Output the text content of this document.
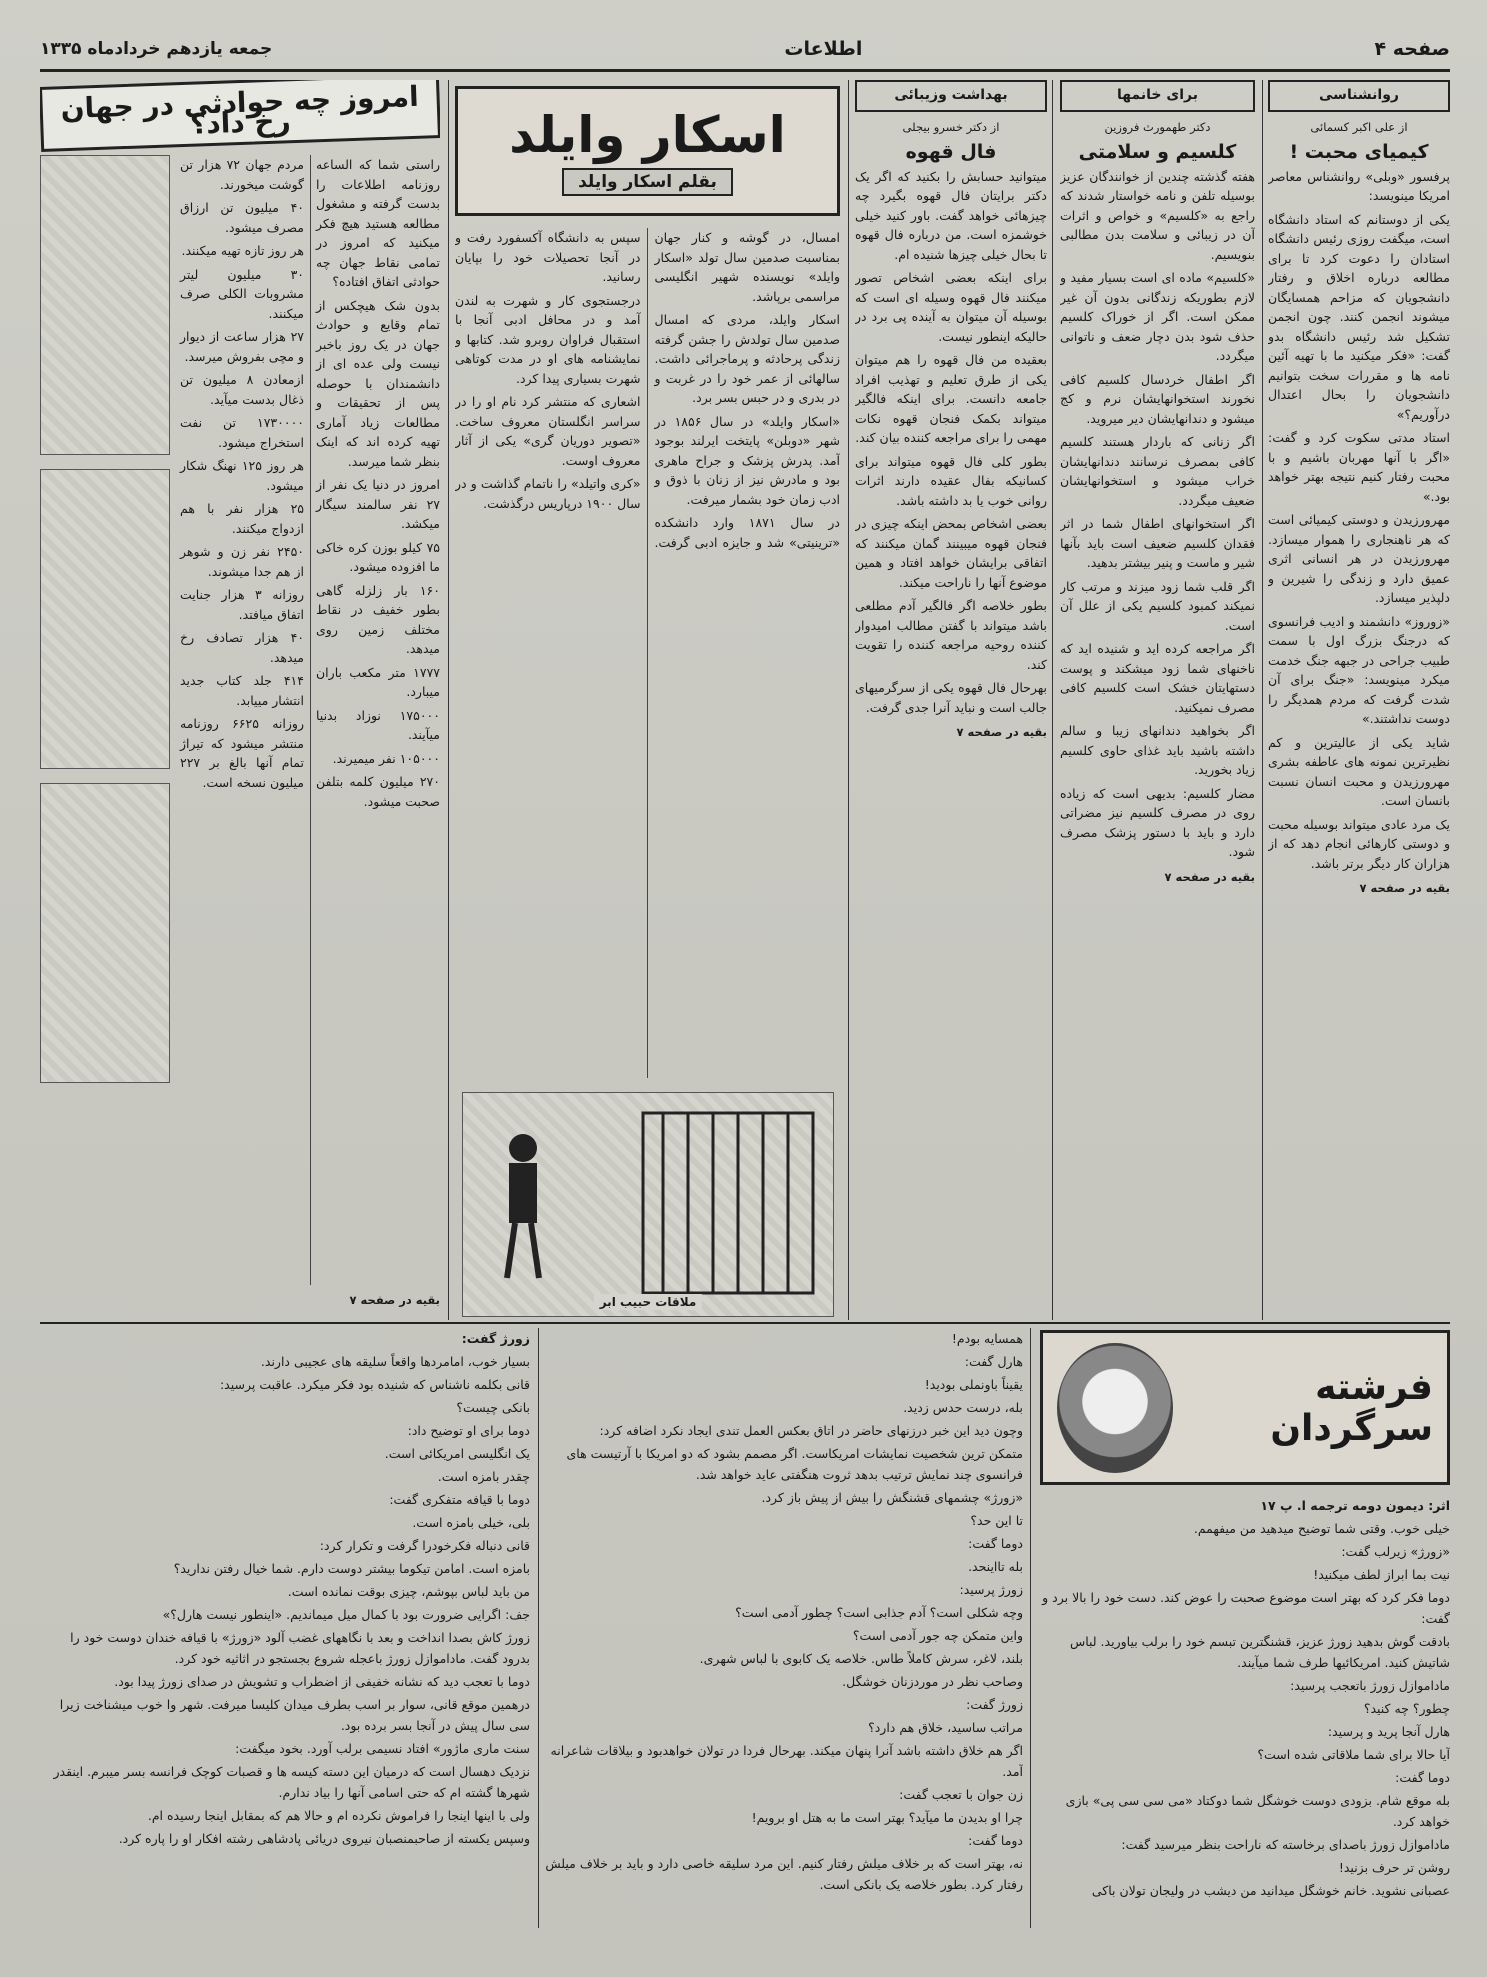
صفحه ۴
اطلاعات
جمعه یازدهم خردادماه ۱۳۳۵
روانشناسی
از علی اکبر کسمائی
کیمیای محبت !

پرفسور «وبلی» روانشناس معاصر امریکا مینویسد:

یکی از دوستانم که استاد دانشگاه است، میگفت روزی رئیس دانشگاه استادان را دعوت کرد تا برای مطالعه درباره اخلاق و رفتار دانشجویان که مزاحم همسایگان میشوند انجمن کنند. چون انجمن تشکیل شد رئیس دانشگاه بدو گفت: «فکر میکنید ما با تهیه آئین نامه ها و مقررات سخت بتوانیم دانشجویان را بحال اعتدال درآوریم؟»

استاد مدتی سکوت کرد و گفت: «اگر با آنها مهربان باشیم و با محبت رفتار کنیم نتیجه بهتر خواهد بود.»

مهرورزیدن و دوستی کیمیائی است که هر ناهنجاری را هموار میسازد. مهرورزیدن در هر انسانی اثری عمیق دارد و زندگی را شیرین و دلپذیر میسازد.

«زوروز» دانشمند و ادیب فرانسوی که درجنگ بزرگ اول با سمت طبیب جراحی در جبهه جنگ خدمت میکرد مینویسد: «جنگ برای آن شدت گرفت که مردم همدیگر را دوست نداشتند.»

شاید یکی از عالیترین و کم نظیرترین نمونه های عاطفه بشری مهرورزیدن و محبت انسان نسبت بانسان است.

یک مرد عادی میتواند بوسیله محبت و دوستی کارهائی انجام دهد که از هزاران کار دیگر برتر باشد.

بقیه در صفحه ۷
برای خانمها
دکتر طهمورث فروزین
کلسیم و سلامتی

هفته گذشته چندین از خوانندگان عزیز بوسیله تلفن و نامه خواستار شدند که راجع به «کلسیم» و خواص و اثرات آن در زیبائی و سلامت بدن مطالبی بنویسیم.

«کلسیم» ماده ای است بسیار مفید و لازم بطوریکه زندگانی بدون آن غیر ممکن است. اگر از خوراک کلسیم حذف شود بدن دچار ضعف و ناتوانی میگردد.

اگر اطفال خردسال کلسیم کافی نخورند استخوانهایشان نرم و کج میشود و دندانهایشان دیر میروید.

اگر زنانی که باردار هستند کلسیم کافی بمصرف نرسانند دندانهایشان خراب میشود و استخوانهایشان ضعیف میگردد.

اگر استخوانهای اطفال شما در اثر فقدان کلسیم ضعیف است باید بآنها شیر و ماست و پنیر بیشتر بدهید.

اگر قلب شما زود میزند و مرتب کار نمیکند کمبود کلسیم یکی از علل آن است.

اگر مراجعه کرده اید و شنیده اید که ناخنهای شما زود میشکند و پوست دستهایتان خشک است کلسیم کافی مصرف نمیکنید.

اگر بخواهید دندانهای زیبا و سالم داشته باشید باید غذای حاوی کلسیم زیاد بخورید.

مضار کلسیم: بدیهی است که زیاده روی در مصرف کلسیم نیز مضراتی دارد و باید با دستور پزشک مصرف شود.

بقیه در صفحه ۷
بهداشت وزیبائی
از دکتر خسرو بیجلی
فال قهوه

میتوانید حسابش را بکنید که اگر یک دکتر برایتان فال قهوه بگیرد چه چیزهائی خواهد گفت. باور کنید خیلی خوشمزه است. من درباره فال قهوه تا بحال خیلی چیزها شنیده ام.

برای اینکه بعضی اشخاص تصور میکنند فال قهوه وسیله ای است که بوسیله آن میتوان به آینده پی برد در حالیکه اینطور نیست.

بعقیده من فال قهوه را هم میتوان یکی از طرق تعلیم و تهذیب افراد جامعه دانست. برای اینکه فالگیر میتواند بکمک فنجان قهوه نکات مهمی را برای مراجعه کننده بیان کند.

بطور کلی فال قهوه میتواند برای کسانیکه بفال عقیده دارند اثرات روانی خوب یا بد داشته باشد.

بعضی اشخاص بمحض اینکه چیزی در فنجان قهوه میبینند گمان میکنند که اتفاقی برایشان خواهد افتاد و همین موضوع آنها را ناراحت میکند.

بطور خلاصه اگر فالگیر آدم مطلعی باشد میتواند با گفتن مطالب امیدوار کننده روحیه مراجعه کننده را تقویت کند.

بهرحال فال قهوه یکی از سرگرمیهای جالب است و نباید آنرا جدی گرفت.

بقیه در صفحه ۷
اسکار وایلد
بقلم اسکار وایلد

امسال، در گوشه و کنار جهان بمناسبت صدمین سال تولد «اسکار وایلد» نویسنده شهیر انگلیسی مراسمی برپاشد.

اسکار وایلد، مردی که امسال صدمین سال تولدش را جشن گرفته زندگی پرحادثه و پرماجرائی داشت. سالهائی از عمر خود را در غربت و در بدری و در حبس بسر برد.

«اسکار وایلد» در سال ۱۸۵۶ در شهر «دوبلن» پایتخت ایرلند بوجود آمد. پدرش پزشک و جراح ماهری بود و مادرش نیز از زنان با ذوق و ادب زمان خود بشمار میرفت.

در سال ۱۸۷۱ وارد دانشکده «ترینیتی» شد و جایزه ادبی گرفت. سپس به دانشگاه آکسفورد رفت و در آنجا تحصیلات خود را بپایان رسانید.

درجستجوی کار و شهرت به لندن آمد و در محافل ادبی آنجا با استقبال فراوان روبرو شد. کتابها و نمایشنامه های او در مدت کوتاهی شهرت بسیاری پیدا کرد.

اشعاری که منتشر کرد نام او را در سراسر انگلستان معروف ساخت. «تصویر دوریان گری» یکی از آثار معروف اوست.

«کری واتیلد» را ناتمام گذاشت و در سال ۱۹۰۰ درپاریس درگذشت.

ملاقات حبیب ابر
امروز چه حوادثی در جهان رخ داد؟

راستی شما که الساعه روزنامه اطلاعات را بدست گرفته و مشغول مطالعه هستید هیچ فکر میکنید که امروز در تمامی نقاط جهان چه حوادثی اتفاق افتاده؟

بدون شک هیچکس از تمام وقایع و حوادث جهان در یک روز باخبر نیست ولی عده ای از دانشمندان با حوصله پس از تحقیقات و مطالعات زیاد آماری تهیه کرده اند که اینک بنظر شما میرسد.

امروز در دنیا یک نفر از ۲۷ نفر سالمند سیگار میکشد.

۷۵ کیلو بوزن کره خاکی ما افزوده میشود.

۱۶۰ بار زلزله گاهی بطور خفیف در نقاط مختلف زمین روی میدهد.

۱۷۷۷ متر مکعب باران میبارد.

۱۷۵۰۰۰ نوزاد بدنیا میآیند.

۱۰۵۰۰۰ نفر میمیرند.

۲۷۰ میلیون کلمه بتلفن صحبت میشود.

مردم جهان ۷۲ هزار تن گوشت میخورند.

۴۰ میلیون تن ارزاق مصرف میشود.

هر روز تازه تهیه میکنند.

۳۰ میلیون لیتر مشروبات الکلی صرف میکنند.

۲۷ هزار ساعت از دیوار و مچی بفروش میرسد.

ازمعادن ۸ میلیون تن ذغال بدست میآید.

۱۷۳۰۰۰۰ تن نفت استخراج میشود.

هر روز ۱۲۵ نهنگ شکار میشود.

۲۵ هزار نفر با هم ازدواج میکنند.

۲۴۵۰ نفر زن و شوهر از هم جدا میشوند.

روزانه ۳ هزار جنایت اتفاق میافتد.

۴۰ هزار تصادف رخ میدهد.

۴۱۴ جلد کتاب جدید انتشار مییابد.

روزانه ۶۶۲۵ روزنامه منتشر میشود که تیراژ تمام آنها بالغ بر ۲۲۷ میلیون نسخه است.

بقیه در صفحه ۷
فرشته سرگردان

اثر: دیمون دومه ترجمه ا. پ ۱۷

خیلی خوب. وقتی شما توضیح میدهید من میفهمم.

«زورژ» زیرلب گفت:

نیت بما ابراز لطف میکنید!

دوما فکر کرد که بهتر است موضوع صحبت را عوض کند. دست خود را بالا برد و گفت:

بادقت گوش بدهید زورژ عزیز، قشنگترین تبسم خود را برلب بیاورید. لباس شاتیش کنید. امریکائیها طرف شما میآیند.

ماداموازل زورژ باتعجب پرسید:

چطور؟ چه کنید؟

هارل آنجا پرید و پرسید:

آیا حالا برای شما ملاقاتی شده است؟

دوما گفت:

بله موقع شام. بزودی دوست خوشگل شما دوکتاد «می سی سی پی» بازی خواهد کرد.

ماداموازل زورژ باصدای برخاسته که ناراحت بنظر میرسید گفت:

روشن تر حرف بزنید!

عصبانی نشوید. خانم خوشگل میدانید من دیشب در ولیجان تولان باکی

همسایه بودم!

هارل گفت:

یقیناً باونملی بودید!

بله، درست حدس زدید.

وچون دید این خبر درزنهای حاضر در اتاق بعکس العمل تندی ایجاد نکرد اضافه کرد:

متمکن ترین شخصیت نمایشات امریکاست. اگر مصمم بشود که دو امریکا با آرتیست های فرانسوی چند نمایش ترتیب بدهد ثروت هنگفتی عاید خواهد شد.

«زورژ» چشمهای قشنگش را بیش از پیش باز کرد.

تا این حد؟

دوما گفت:

بله تااینحد.

زورژ پرسید:

وچه شکلی است؟ آدم جذابی است؟ چطور آدمی است؟

واین متمکن چه جور آدمی است؟

بلند، لاغر، سرش کاملاً طاس. خلاصه یک کابوی با لباس شهری.

وصاحب نظر در موردزنان خوشگل.

زورژ گفت:

مراتب ساسید، خلاق هم دارد؟

اگر هم خلاق داشته باشد آنرا پنهان میکند. بهرحال فردا در تولان خواهدبود و بیلاقات شاعرانه آمد.

زن جوان با تعجب گفت:

چرا او بدیدن ما میآید؟ بهتر است ما به هتل او برویم!

دوما گفت:

نه، بهتر است که بر خلاف میلش رفتار کنیم. این مرد سلیقه خاصی دارد و باید بر خلاف میلش رفتار کرد. بطور خلاصه یک بانکی است.

زورژ گفت:

بسیار خوب، امامردها واقعاً سلیقه های عجیبی دارند.

قانی بکلمه ناشناس که شنیده بود فکر میکرد. عاقبت پرسید:

بانکی چیست؟

دوما برای او توضیح داد:

یک انگلیسی امریکائی است.

چقدر بامزه است.

دوما با قیافه متفکری گفت:

بلی، خیلی بامزه است.

قانی دنباله فکرخودرا گرفت و تکرار کرد:

بامزه است. امامن تیکوما بیشتر دوست دارم. شما خیال رفتن ندارید؟

من باید لباس بپوشم، چیزی بوقت نمانده است.

جف: اگرایی ضرورت بود با کمال میل میماندیم. «اینطور نیست هارل؟»

زورژ کاش بصدا انداخت و بعد با نگاههای غضب آلود «زورژ» با قیافه خندان دوست خود را بدرود گفت. ماداموازل زورژ باعجله شروع بجستجو در اثاثیه خود کرد.

دوما با تعجب دید که نشانه خفیفی از اضطراب و تشویش در صدای زورژ پیدا بود.

درهمین موقع قانی، سوار بر اسب بطرف میدان کلیسا میرفت. شهر وا خوب میشناخت زیرا سی سال پیش در آنجا بسر برده بود.

سنت ماری ماژور» افتاد نسیمی برلب آورد. بخود میگفت:

نزدیک دهسال است که درمیان این دسته کیسه ها و قصبات کوچک فرانسه بسر میبرم. اینقدر شهرها گشته ام که حتی اسامی آنها را بیاد ندارم.

ولی با اینها اینجا را فراموش نکرده ام و حالا هم که بمقابل اینجا رسیده ام.

وسپس یکسته از صاحبمنصبان نیروی دریائی پادشاهی رشته افکار او را پاره کرد.
